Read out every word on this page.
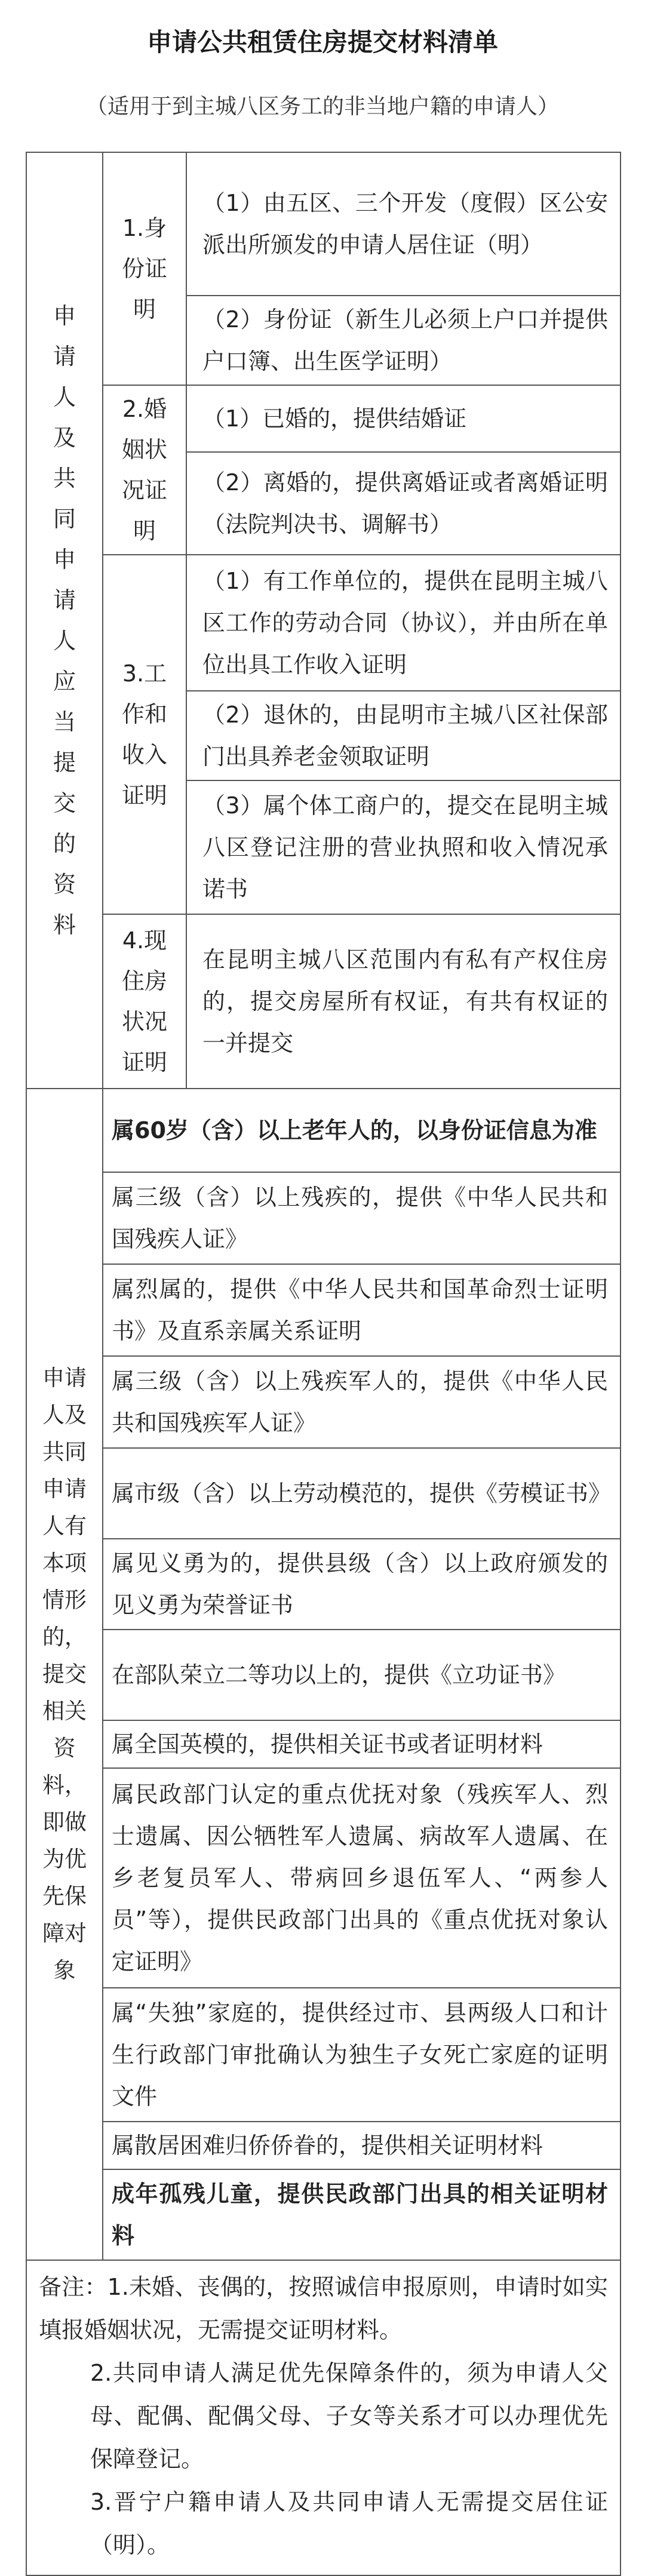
申请公共租赁住房提交材料清单
（适用于到主城八区务工的非当地户籍的申请人）
申请人及共同申请人应当提交的资料	1.身份证明	（1）由五区、三个开发（度假）区公安派出所颁发的申请人居住证（明）

		（2）身份证（新生儿必须上户口并提供户口簿、出生医学证明）

	2.婚姻状况证明	（1）已婚的，提供结婚证

		（2）离婚的，提供离婚证或者离婚证明（法院判决书、调解书）

	3.工作和收入证明	（1）有工作单位的，提供在昆明主城八区工作的劳动合同（协议），并由所在单位出具工作收入证明

		（2）退休的，由昆明市主城八区社保部门出具养老金领取证明

		（3）属个体工商户的，提交在昆明主城八区登记注册的营业执照和收入情况承诺书

	4.现住房状况证明	在昆明主城八区范围内有私有产权住房的，提交房屋所有权证，有共有权证的一并提交

申请人及共同申请人有本项情形的，提交相关资料，即做为优先保障对象	属60岁（含）以上老年人的，以身份证信息为准	

	属三级（含）以上残疾的，提供《中华人民共和国残疾人证》	

	属烈属的，提供《中华人民共和国革命烈士证明书》及直系亲属关系证明	

	属三级（含）以上残疾军人的，提供《中华人民共和国残疾军人证》	

	属市级（含）以上劳动模范的，提供《劳模证书》	

	属见义勇为的，提供县级（含）以上政府颁发的见义勇为荣誉证书	

	在部队荣立二等功以上的，提供《立功证书》	

	属全国英模的，提供相关证书或者证明材料	

	属民政部门认定的重点优抚对象（残疾军人、烈士遗属、因公牺牲军人遗属、病故军人遗属、在乡老复员军人、带病回乡退伍军人、“两参人员”等），提供民政部门出具的《重点优抚对象认定证明》	

	属“失独”家庭的，提供经过市、县两级人口和计生行政部门审批确认为独生子女死亡家庭的证明文件	

	属散居困难归侨侨眷的，提供相关证明材料	

	成年孤残儿童，提供民政部门出具的相关证明材料	

备注：1.未婚、丧偶的，按照诚信申报原则，申请时如实填报婚姻状况，无需提交证明材料。

2.共同申请人满足优先保障条件的，须为申请人父母、配偶、配偶父母、子女等关系才可以办理优先保障登记。

3.晋宁户籍申请人及共同申请人无需提交居住证（明）。		
